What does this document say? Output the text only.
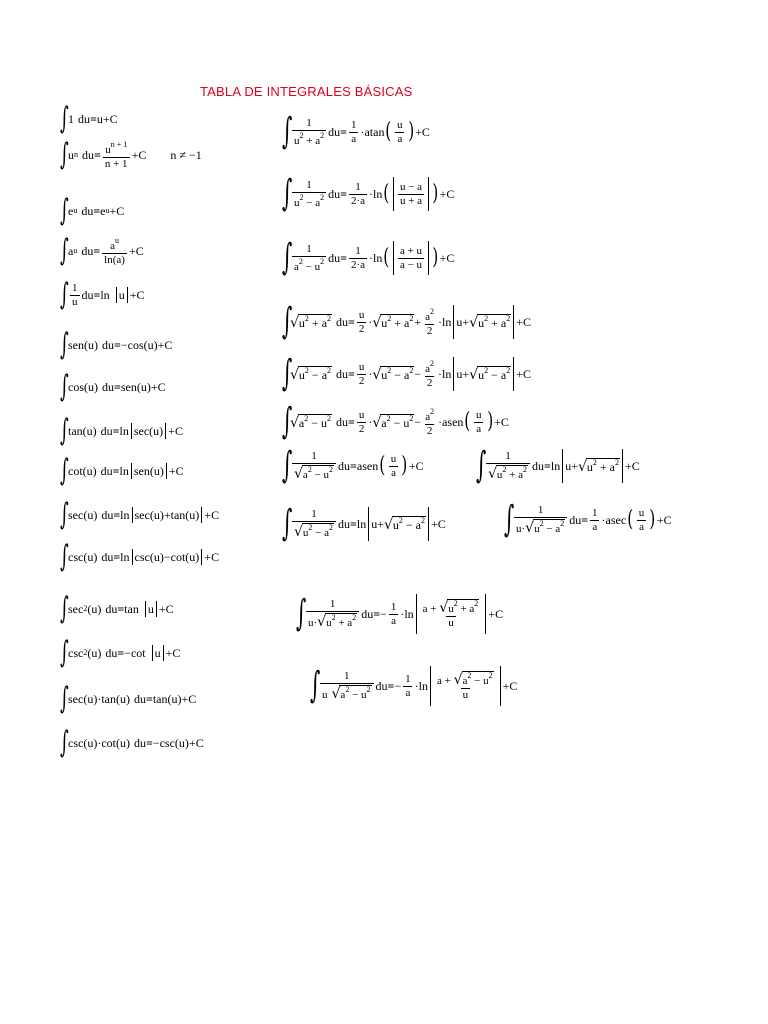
TABLA DE INTEGRALES BÁSICAS
∫ 1 du = u + C
∫ u n du = $\frac{u^{n + 1}}{n + 1} + C$ n ≠ −1
∫ e u du = e u + C
∫ a u du = $\frac{a^u}{\ln(a)} + C$
∫ $\frac{1}{u}$ du = ln u + C
∫ sen(u) du = −cos(u) + C
∫ cos(u) du = sen(u) + C
∫ tan(u) du = ln sec(u) + C
∫ cot(u) du = ln sen(u) + C
∫ sec(u) du = ln sec(u) + tan(u) + C
∫ csc(u) du = ln csc(u) − cot(u) + C
∫ sec 2 (u) du = tan u + C
∫ csc 2 (u) du = −cot u + C
∫ sec(u) · tan(u) du = tan(u) + C
∫ csc(u) · cot(u) du = −csc(u) + C
∫ $\frac{1}{u^2 + a^2}$ du = $\frac{1}{a} \cdot atan$ ( $\frac{u}{a}$ ) + C
∫ $\frac{1}{u^2 - a^2}$ du = $\frac{1}{2\cdot a} \cdot \ln$ ( $\frac{u - a}{u + a}$ ) + C
∫ $\frac{1}{a^2 - u^2}$ du = $\frac{1}{2\cdot a} \cdot \ln$ ( $\frac{a + u}{a - u}$ ) + C
∫
√ $u^2 + a^2$ du = $\frac{u}{2}$ · √ $u^2 + a^2 + \frac{a^2}{2} \cdot \ln u$ + √ $u^2 + a^2 + C$
∫
√ $u^2 - a^2$ du = $\frac{u}{2}$ · √ $u^2 - a^2 - \frac{a^2}{2} \cdot \ln u$ + √ $u^2 - a^2 + C$
∫
√ $a^2 - u^2$ du = $\frac{u}{2}$ · √ $a^2 - u^2 - \frac{a^2}{2}$ · asen ( $\frac{u}{a}$ ) + C
∫ $\frac{1}{√ a^2 - u^2}$ du = asen ( $\frac{u}{a}$ ) + C ∫ $\frac{1}{√ u^2 + a^2}$ du = ln u + √ $u^2 + a^2 + C$
∫ $\frac{1}{√ u^2 - a^2}$ du = ln u + √ $u^2 - a^2 + C$ ∫ $\frac{1}{u\cdot √ u^2 - a^2}$ du = $\frac{1}{a} \cdot asec$ ( $\frac{u}{a}$ ) + C
∫ $\frac{1}{u\cdot √ u^2 + a^2}$ du = − $\frac{1}{a} \cdot \ln \frac{a + √ u^2 + a^2}{u} + C$
∫ $\frac{1}{u √ a^2 - u^2}$ du = − $\frac{1}{a} \cdot \ln \frac{a + √ a^2 - u^2}{u} + C$
